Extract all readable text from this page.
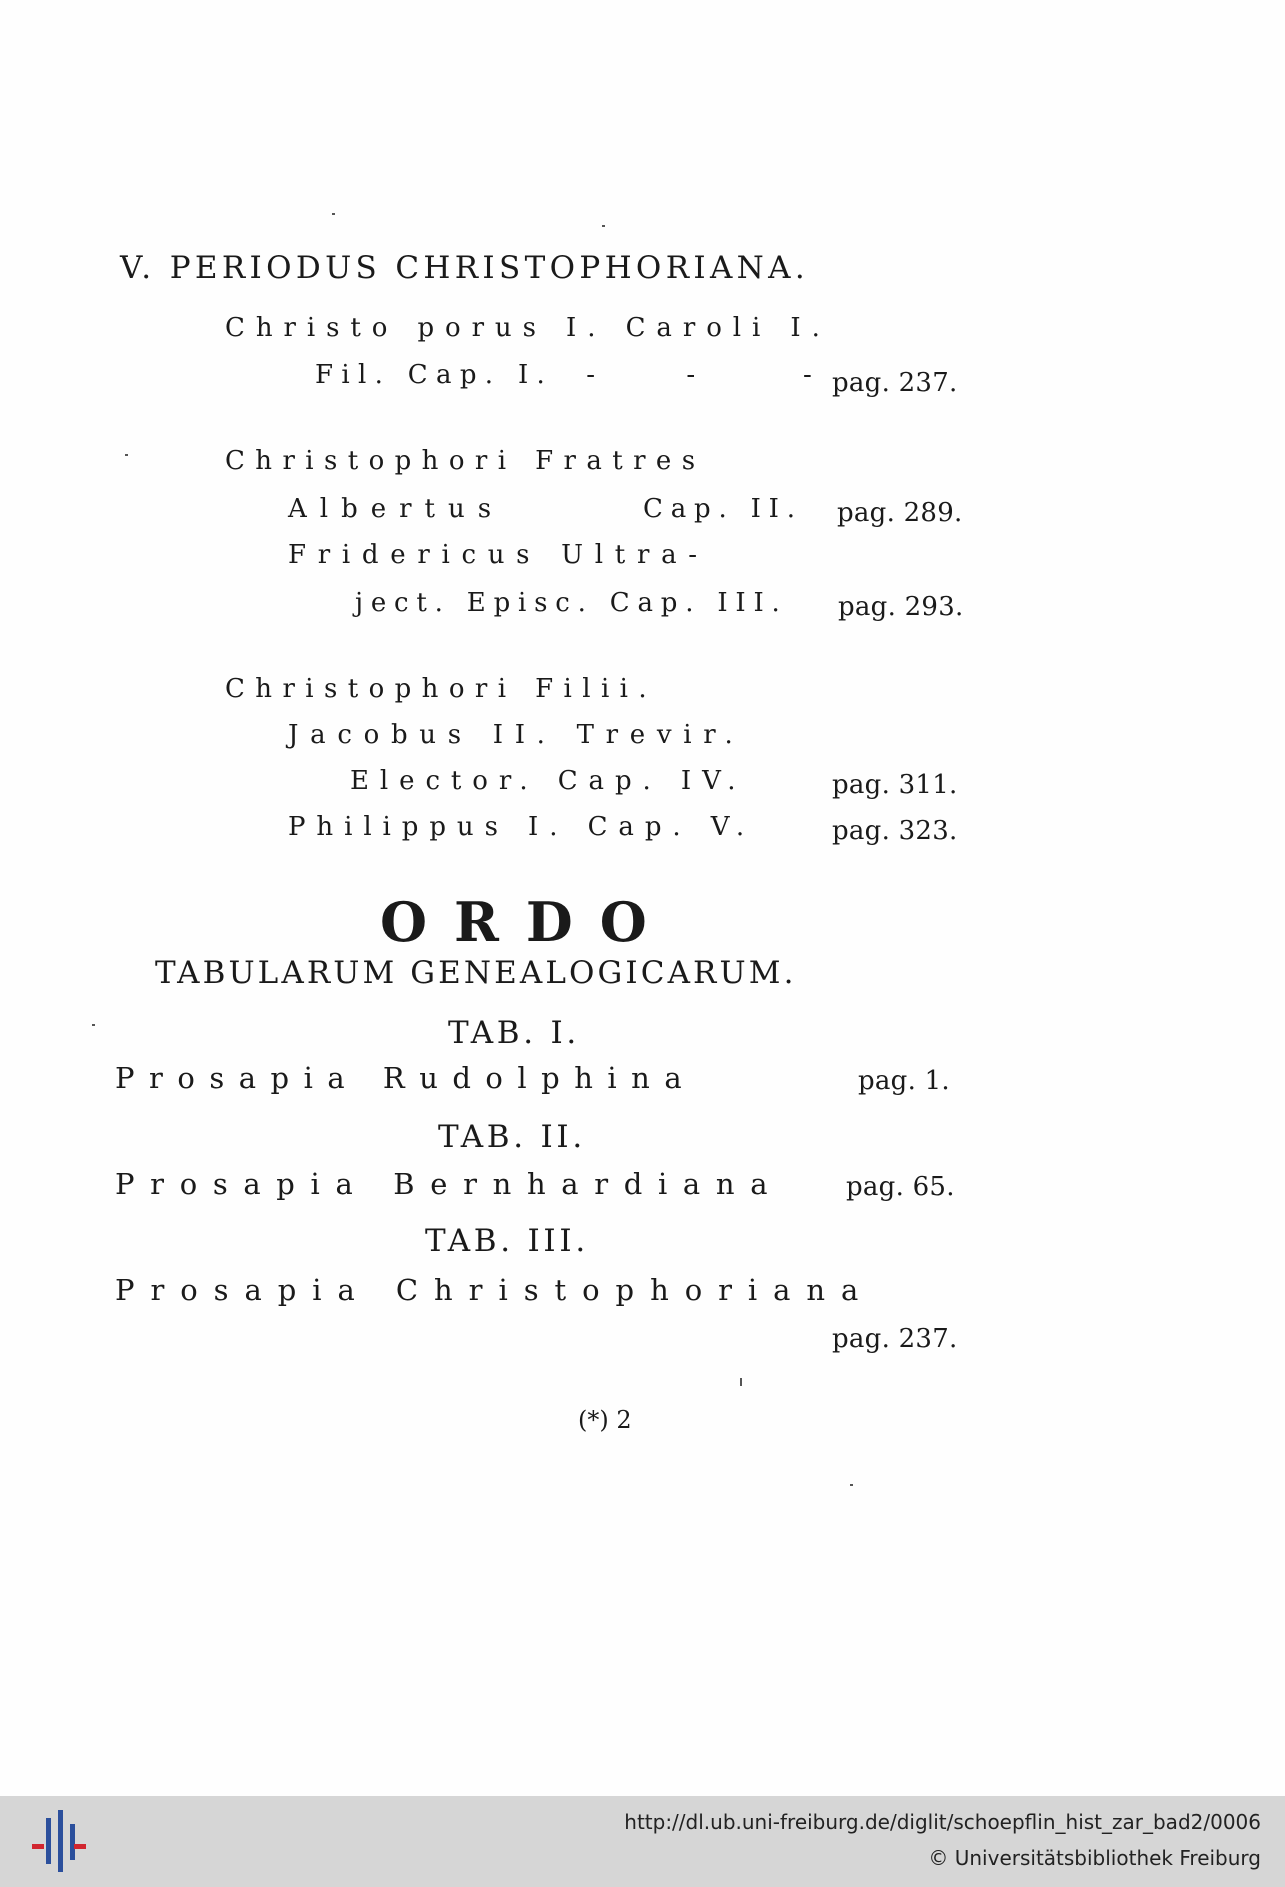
V. PERIODUS CHRISTOPHORIANA.
Christo porus I. Caroli I.
Fil. Cap. I.  -     -      - pag. 237.
Christophori Fratres
Albertus	Cap. II. pag. 289.
Fridericus Ultra-
ject. Episc. Cap. III. pag. 293.
Christophori Filii.
Jacobus II. Trevir.
Elector. Cap. IV.	pag. 311.
Philippus I. Cap. V.	pag. 323.
ORDO
TABULARUM GENEALOGICARUM.
TAB. I.
Prosapia Rudolphina	pag. 1.
TAB. II.
Prosapia Bernhardiana pag. 65.
TAB. III.
Prosapia Christophoriana
pag. 237.
(*) 2
http://dl.ub.uni-freiburg.de/diglit/schoepflin_hist_zar_bad2/0006
© Universitätsbibliothek Freiburg
